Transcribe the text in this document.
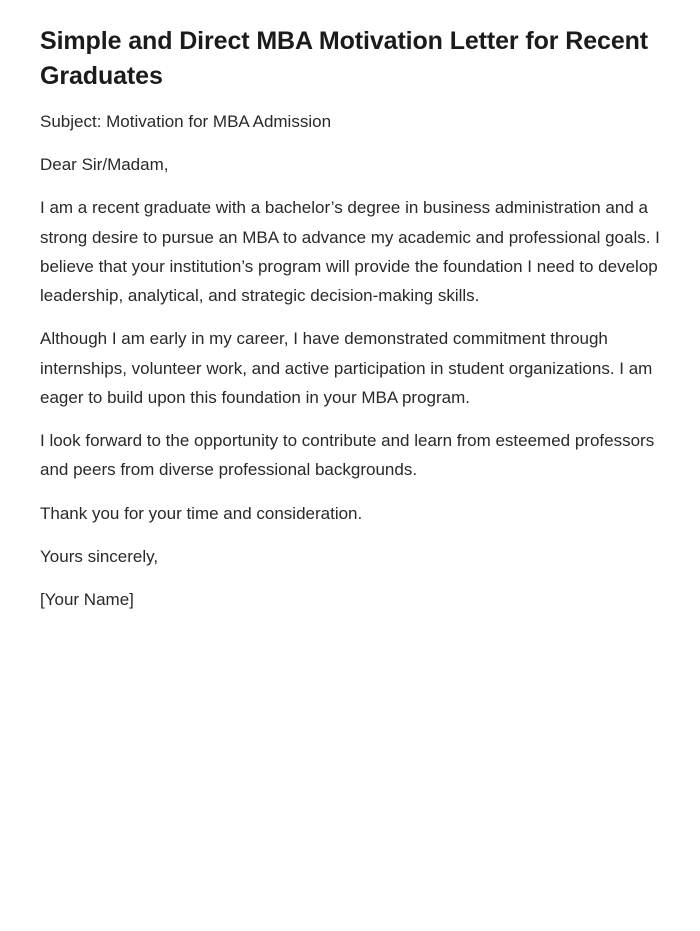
Simple and Direct MBA Motivation Letter for Recent Graduates

Subject: Motivation for MBA Admission

Dear Sir/Madam,

I am a recent graduate with a bachelor’s degree in business administration and a strong desire to pursue an MBA to advance my academic and professional goals. I believe that your institution’s program will provide the foundation I need to develop leadership, analytical, and strategic decision-making skills.

Although I am early in my career, I have demonstrated commitment through internships, volunteer work, and active participation in student organizations. I am eager to build upon this foundation in your MBA program.

I look forward to the opportunity to contribute and learn from esteemed professors and peers from diverse professional backgrounds.

Thank you for your time and consideration.

Yours sincerely,

[Your Name]
